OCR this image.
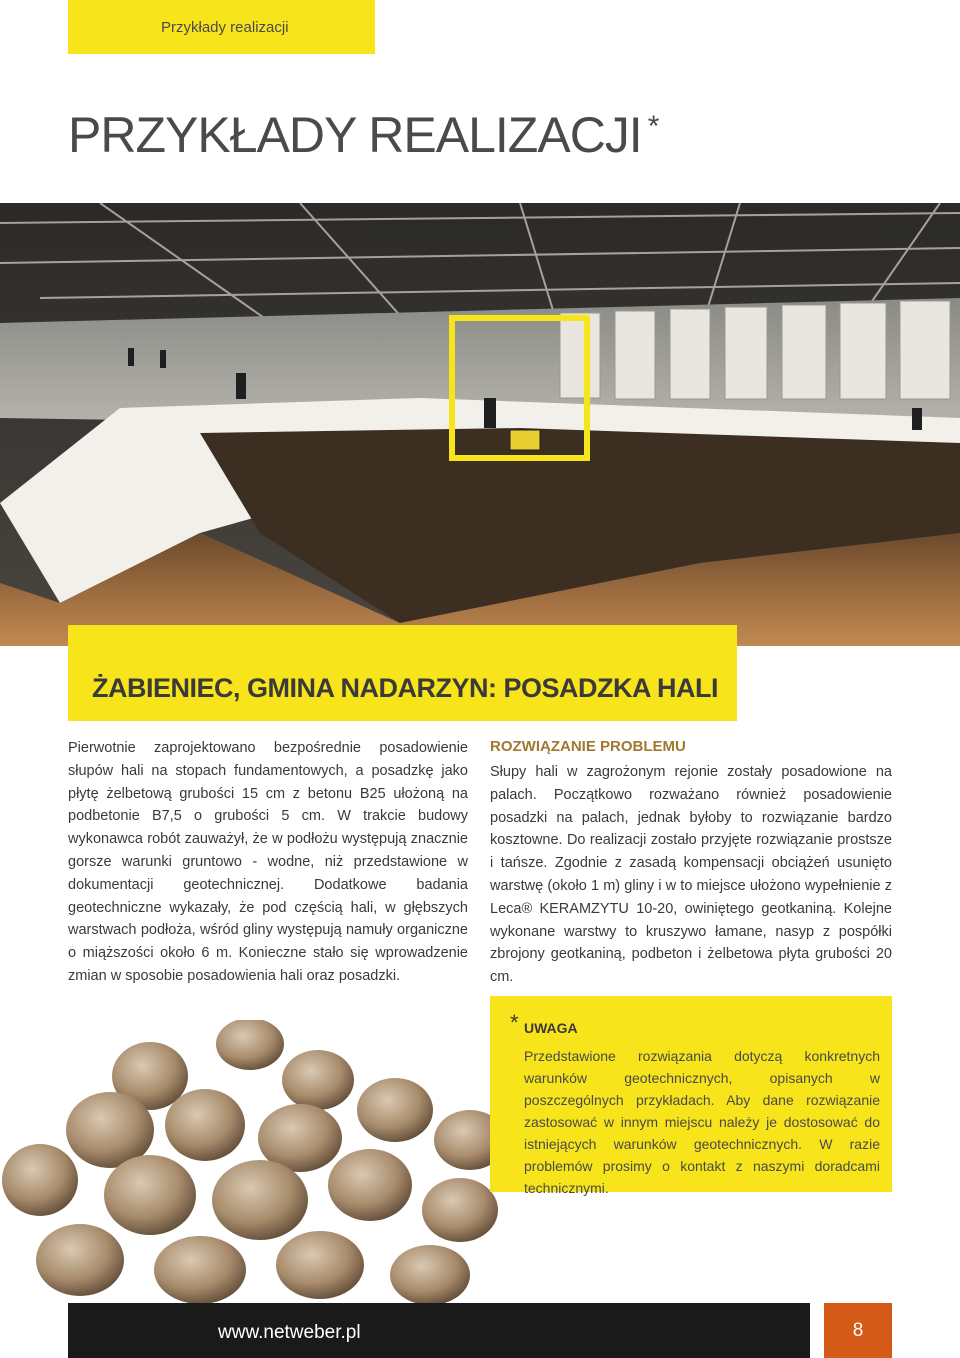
Przykłady realizacji
PRZYKŁADY REALIZACJI *
ŻABIENIEC, GMINA NADARZYN: POSADZKA HALI

Pierwotnie zaprojektowano bezpośrednie posadowienie słupów hali na stopach fundamentowych, a posadzkę jako płytę żelbetową grubości 15 cm z betonu B25 ułożoną na podbetonie B7,5 o grubości 5 cm. W trakcie budowy wykonawca robót zauważył, że w podłożu występują znacznie gorsze warunki gruntowo - wodne, niż przedstawione w dokumentacji geotechnicznej. Dodatkowe badania geotechniczne wykazały, że pod częścią hali, w głębszych warstwach podłoża, wśród gliny występują namuły organiczne o miąższości około 6 m. Konieczne stało się wprowadzenie zmian w sposobie posadowienia hali oraz posadzki.

ROZWIĄZANIE PROBLEMU

Słupy hali w zagrożonym rejonie zostały posadowione na palach. Początkowo rozważano również posadowienie posadzki na palach, jednak byłoby to rozwiązanie bardzo kosztowne. Do realizacji zostało przyjęte rozwiązanie prostsze i tańsze. Zgodnie z zasadą kompensacji obciążeń usunięto warstwę (około 1 m) gliny i w to miejsce ułożono wypełnienie z Leca® KERAMZYTU 10-20, owiniętego geotkaniną. Kolejne wykonane warstwy to kruszywo łamane, nasyp z pospółki zbrojony geotkaniną, podbeton i żelbetowa płyta grubości 20 cm.

* UWAGA

Przedstawione rozwiązania dotyczą konkretnych warunków geotechnicznych, opisanych w poszczególnych przykładach. Aby dane rozwiązanie zastosować w innym miejscu należy je dostosować do istniejących warunków geotechnicznych. W razie problemów prosimy o kontakt z naszymi doradcami technicznymi.

www.netweber.pl	8
